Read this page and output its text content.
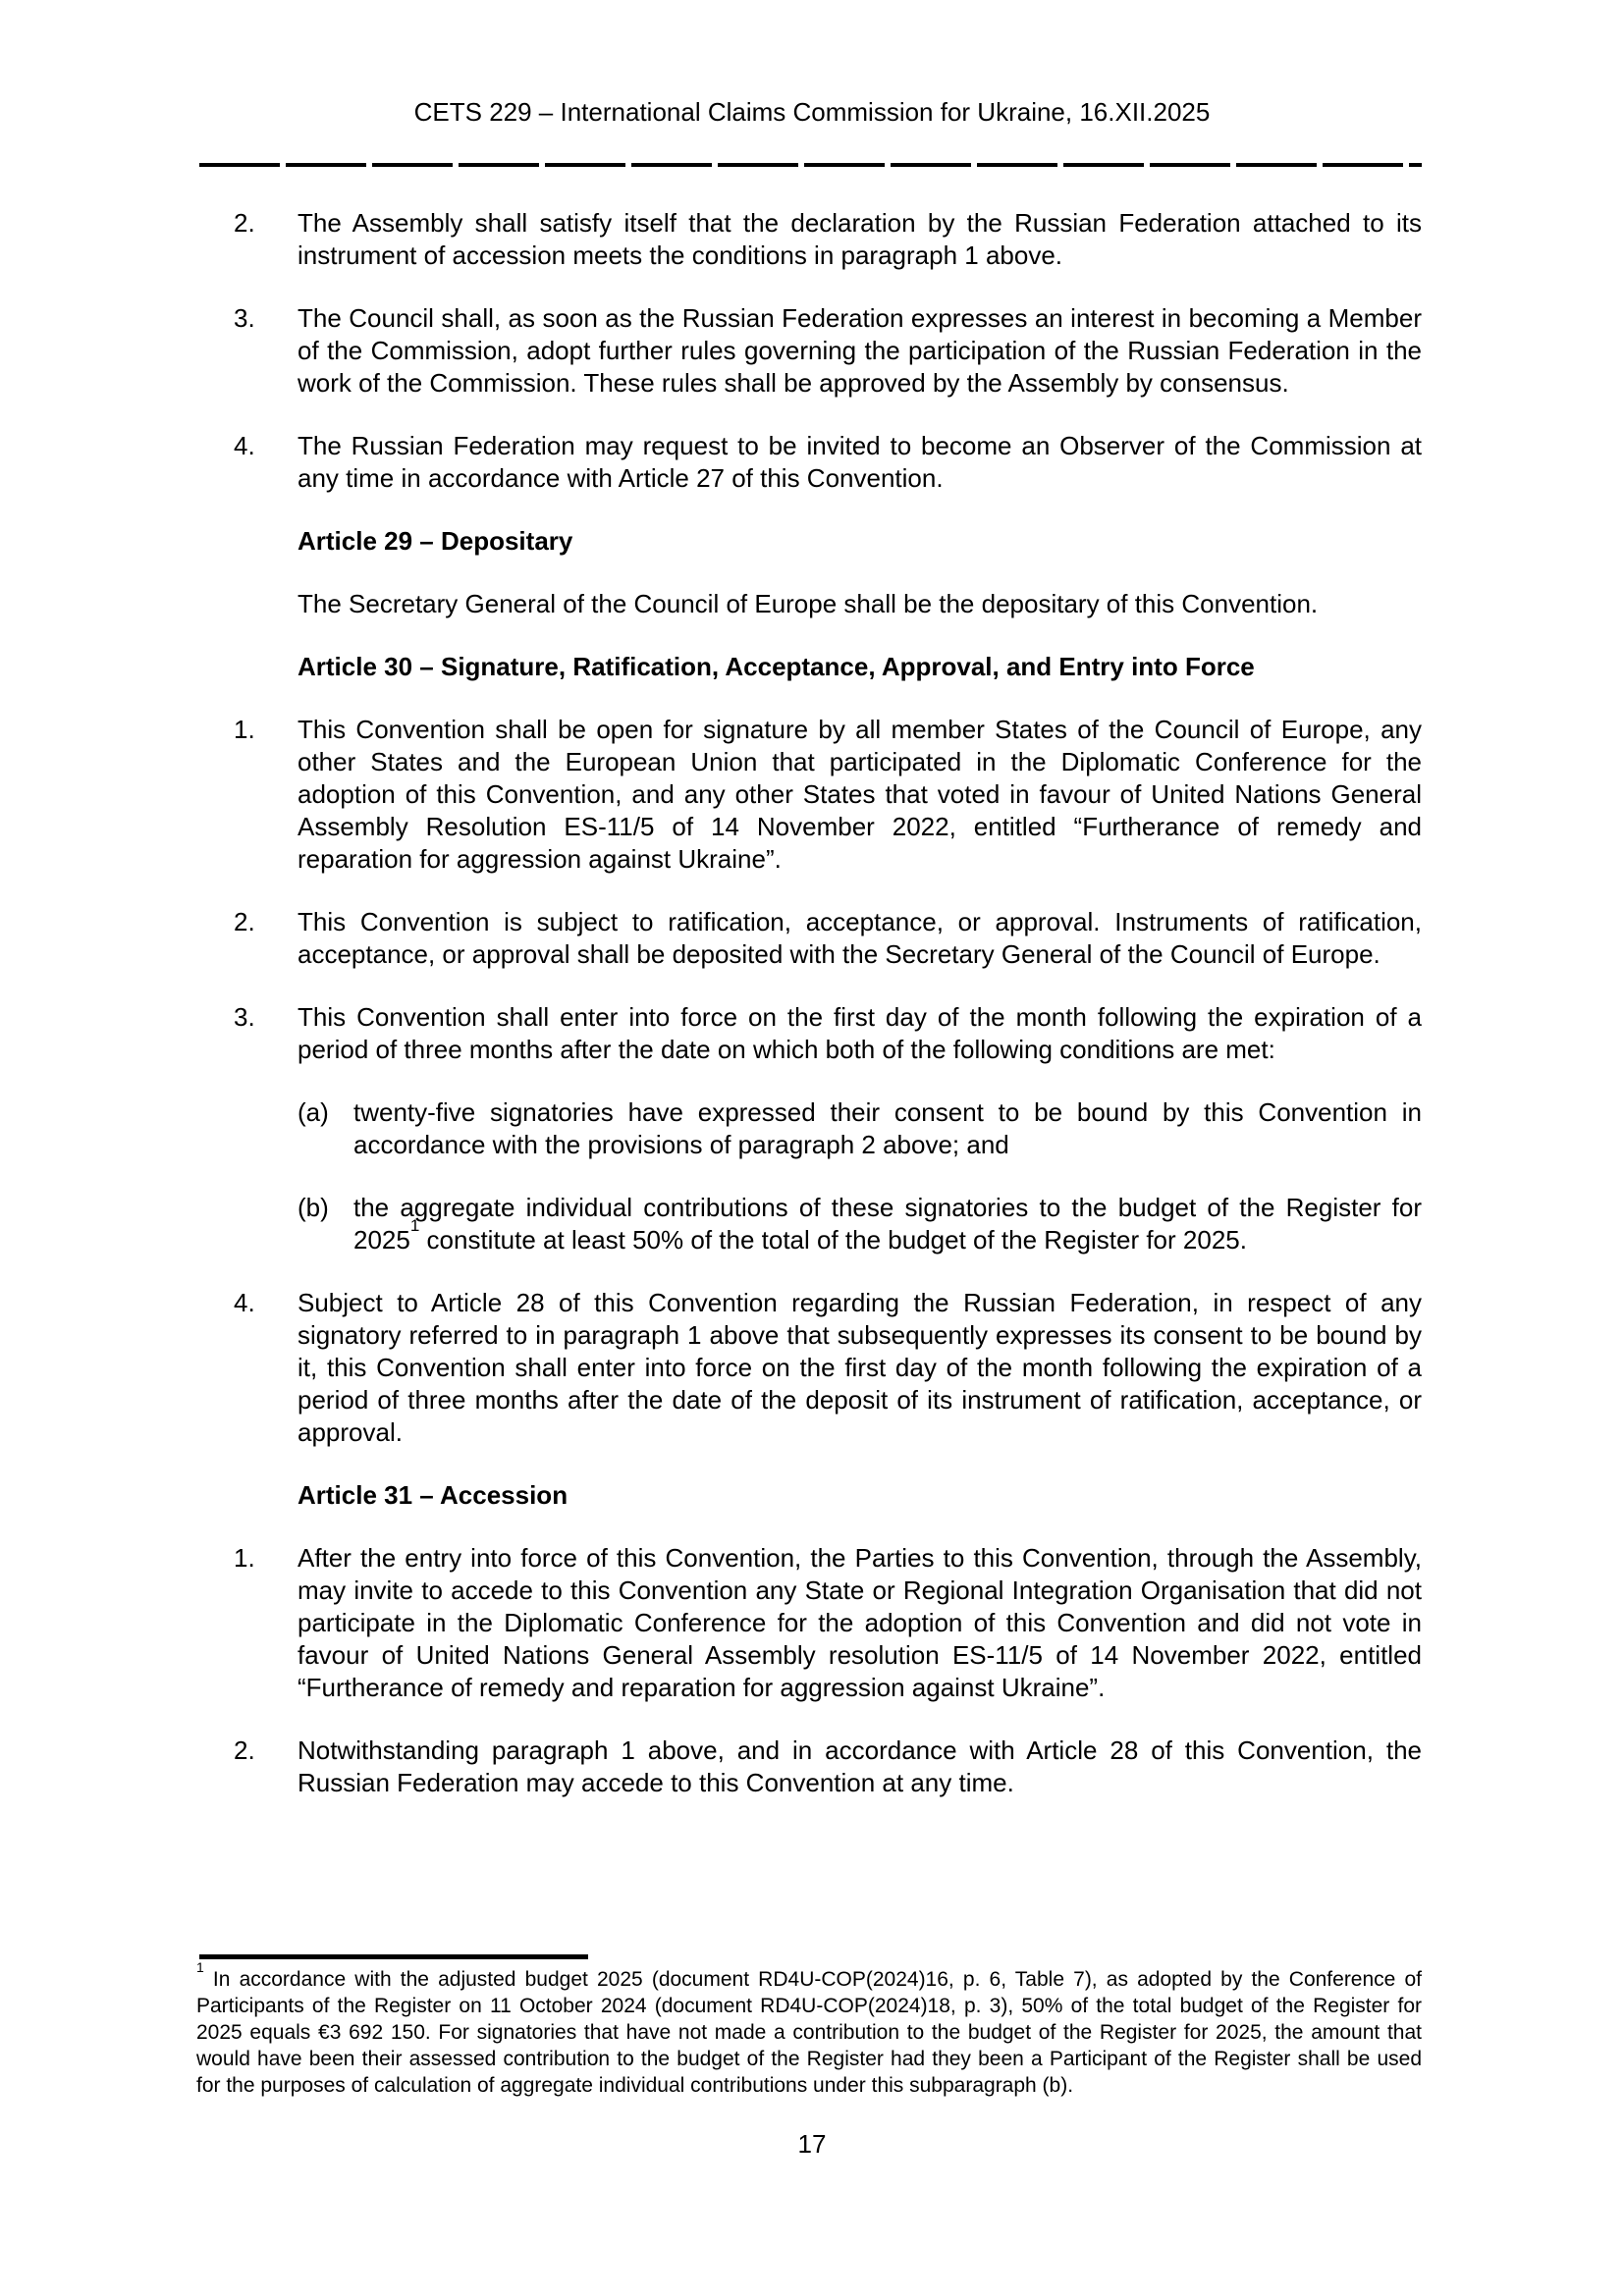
CETS 229 – International Claims Commission for Ukraine, 16.XII.2025
2.	The Assembly shall satisfy itself that the declaration by the Russian Federation attached to its instrument of accession meets the conditions in paragraph 1 above.
3.	The Council shall, as soon as the Russian Federation expresses an interest in becoming a Member of the Commission, adopt further rules governing the participation of the Russian Federation in the work of the Commission. These rules shall be approved by the Assembly by consensus.
4.	The Russian Federation may request to be invited to become an Observer of the Commission at any time in accordance with Article 27 of this Convention.
Article 29 – Depositary
The Secretary General of the Council of Europe shall be the depositary of this Convention.
Article 30 – Signature, Ratification, Acceptance, Approval, and Entry into Force
1.	This Convention shall be open for signature by all member States of the Council of Europe, any other States and the European Union that participated in the Diplomatic Conference for the adoption of this Convention, and any other States that voted in favour of United Nations General Assembly Resolution ES-11/5 of 14 November 2022, entitled “Furtherance of remedy and reparation for aggression against Ukraine”.
2.	This Convention is subject to ratification, acceptance, or approval. Instruments of ratification, acceptance, or approval shall be deposited with the Secretary General of the Council of Europe.
3.	This Convention shall enter into force on the first day of the month following the expiration of a period of three months after the date on which both of the following conditions are met:
(a) twenty-five signatories have expressed their consent to be bound by this Convention in accordance with the provisions of paragraph 2 above; and
(b) the aggregate individual contributions of these signatories to the budget of the Register for 2025$^1$ constitute at least 50% of the total of the budget of the Register for 2025.
4.	Subject to Article 28 of this Convention regarding the Russian Federation, in respect of any signatory referred to in paragraph 1 above that subsequently expresses its consent to be bound by it, this Convention shall enter into force on the first day of the month following the expiration of a period of three months after the date of the deposit of its instrument of ratification, acceptance, or approval.
Article 31 – Accession
1.	After the entry into force of this Convention, the Parties to this Convention, through the Assembly, may invite to accede to this Convention any State or Regional Integration Organisation that did not participate in the Diplomatic Conference for the adoption of this Convention and did not vote in favour of United Nations General Assembly resolution ES-11/5 of 14 November 2022, entitled “Furtherance of remedy and reparation for aggression against Ukraine”.
2.	Notwithstanding paragraph 1 above, and in accordance with Article 28 of this Convention, the Russian Federation may accede to this Convention at any time.
$^1$ In accordance with the adjusted budget 2025 (document RD4U-COP(2024)16, p. 6, Table 7), as adopted by the Conference of Participants of the Register on 11 October 2024 (document RD4U-COP(2024)18, p. 3), 50% of the total budget of the Register for 2025 equals €3 692 150. For signatories that have not made a contribution to the budget of the Register for 2025, the amount that would have been their assessed contribution to the budget of the Register had they been a Participant of the Register shall be used for the purposes of calculation of aggregate individual contributions under this subparagraph (b).
17
